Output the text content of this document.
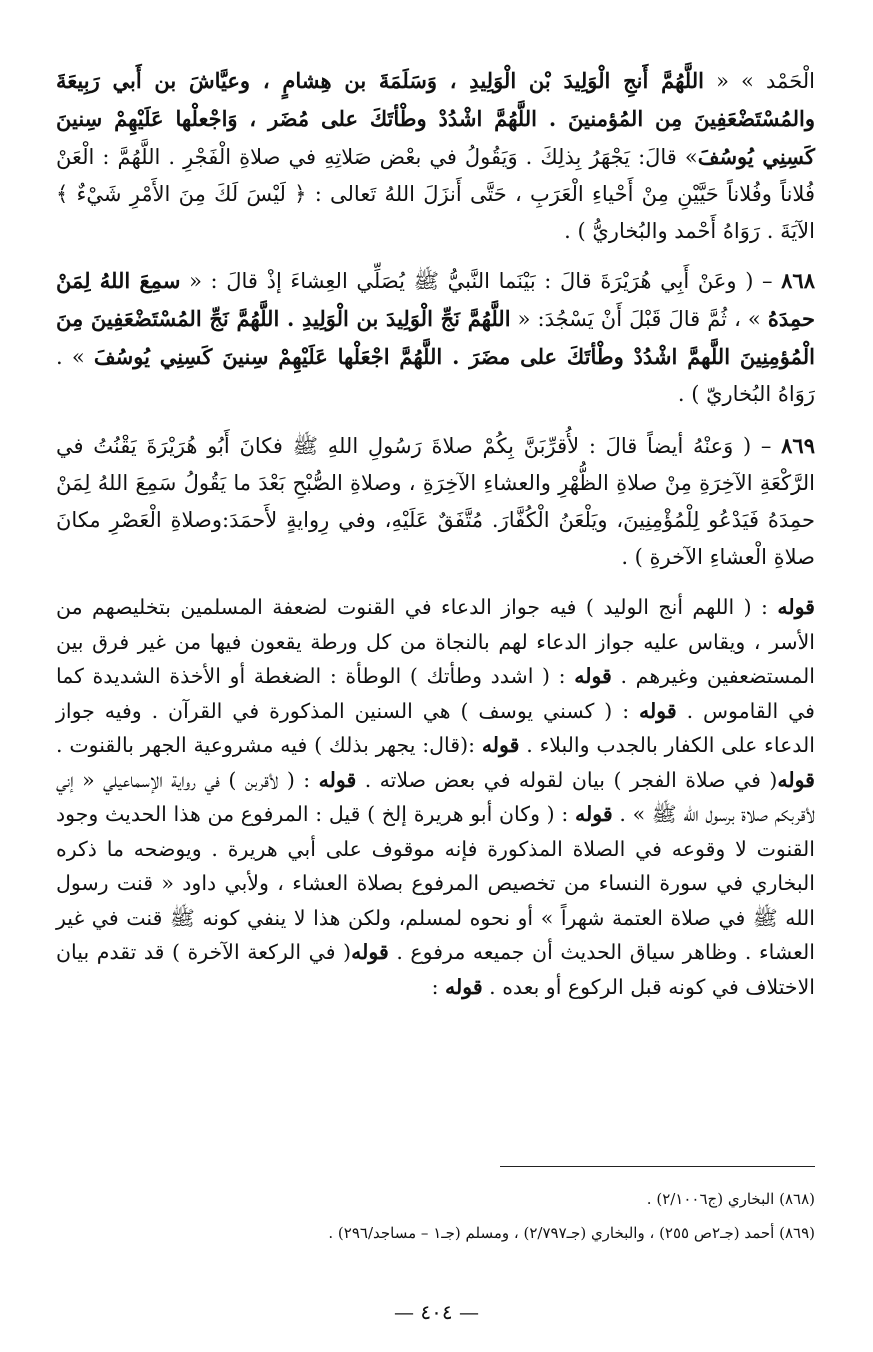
الْحَمْد » « اللَّهُمَّ أَنجِ الْوَلِيدَ بْن الْوَلِيدِ ، وَسَلَمَةَ بن هِشامٍ ، وعيَّاشَ بن أَبي رَبِيعَةَ والمُسْتَضْعَفِينَ مِن المُؤمنينَ . اللَّهُمَّ اشْدُدْ وطْأتَكَ على مُضَر ، وَاجْعلْها عَلَيْهِمْ سِنينَ كَسِنِي يُوسُفَ» قالَ: يَجْهَرُ بِذلِكَ . وَيَقُولُ في بعْض صَلاتِهِ في صلاةِ الْفَجْرِ . اللَّهُمَّ : الْعَنْ فُلاناً وفُلاناً حَيَّيْنِ مِنْ أَحْياءِ الْعَرَبِ ، حَتَّى أَنزَلَ اللهُ تَعالى : ﴿ لَيْسَ لَكَ مِنَ الأَمْرِ شَيْءٌ ﴾ الآيَةَ . رَوَاهُ أَحْمد والبُخاريُّ ) .

٨٦٨ – ( وعَنْ أَبِي هُرَيْرَةَ قالَ : بَيْنَما النَّبيُّ ﷺ يُصَلِّي العِشاءَ إذْ قالَ : « سمِعَ اللهُ لِمَنْ حمِدَهُ » ، ثُمَّ قالَ قَبْلَ أَنْ يَسْجُدَ: « اللَّهُمَّ نَجِّ الْوَلِيدَ بن الْوَلِيدِ . اللَّهُمَّ نَجِّ المُسْتَضْعَفِينَ مِنَ الْمُؤمِنِينَ اللَّهمَّ اشْدُدْ وطْأتَكَ على مضَرَ . اللَّهُمَّ اجْعَلْها عَلَيْهِمْ سِنينَ كَسِنِي يُوسُفَ » . رَوَاهُ البُخاريّ ) .

٨٦٩ – ( وَعنْهُ أيضاً قالَ : لأُقرِّبَنَّ بِكُمْ صلاةَ رَسُولِ اللهِ ﷺ فكانَ أَبُو هُرَيْرَةَ يَقْنُتُ في الرَّكْعَةِ الآخِرَةِ مِنْ صلاةِ الظُّهْرِ والعشاءِ الآخِرَةِ ، وصلاةِ الصُّبْحِ بَعْدَ ما يَقُولُ سَمِعَ اللهُ لِمَنْ حمِدَهُ فَيَدْعُو لِلْمُؤْمِنِينَ، ويَلْعَنُ الْكُفَّارَ. مُتَّفَقٌ عَلَيْهِ، وفي رِوايةٍ لأَحمَدَ:وصلاةِ الْعَصْرِ مكانَ صلاةِ الْعشاءِ الآخرةِ ) .

قوله : ( اللهم أنج الوليد ) فيه جواز الدعاء في القنوت لضعفة المسلمين بتخليصهم من الأسر ، ويقاس عليه جواز الدعاء لهم بالنجاة من كل ورطة يقعون فيها من غير فرق بين المستضعفين وغيرهم . قوله : ( اشدد وطأتك ) الوطأة : الضغطة أو الأخذة الشديدة كما في القاموس . قوله : ( كسني يوسف ) هي السنين المذكورة في القرآن . وفيه جواز الدعاء على الكفار بالجدب والبلاء . قوله :(قال: يجهر بذلك ) فيه مشروعية الجهر بالقنوت . قوله( في صلاة الفجر ) بيان لقوله في بعض صلاته . قوله : ( لأقربن ) في رواية الإسماعيلي « إني لأقربكم صلاة برسول الله ﷺ » . قوله : ( وكان أبو هريرة إلخ ) قيل : المرفوع من هذا الحديث وجود القنوت لا وقوعه في الصلاة المذكورة فإنه موقوف على أبي هريرة . ويوضحه ما ذكره البخاري في سورة النساء من تخصيص المرفوع بصلاة العشاء ، ولأبي داود « قنت رسول الله ﷺ في صلاة العتمة شهراً » أو نحوه لمسلم، ولكن هذا لا ينفي كونه ﷺ قنت في غير العشاء . وظاهر سياق الحديث أن جميعه مرفوع . قوله( في الركعة الآخرة ) قد تقدم بيان الاختلاف في كونه قبل الركوع أو بعده . قوله :

(٨٦٨) البخاري (ج٢/١٠٠٦) .
(٨٦٩) أحمد (جـ٢ص ٢٥٥) ، والبخاري (جـ٢/٧٩٧) ، ومسلم (جـ١ – مساجد/٢٩٦) .
— ٤٠٤ —
